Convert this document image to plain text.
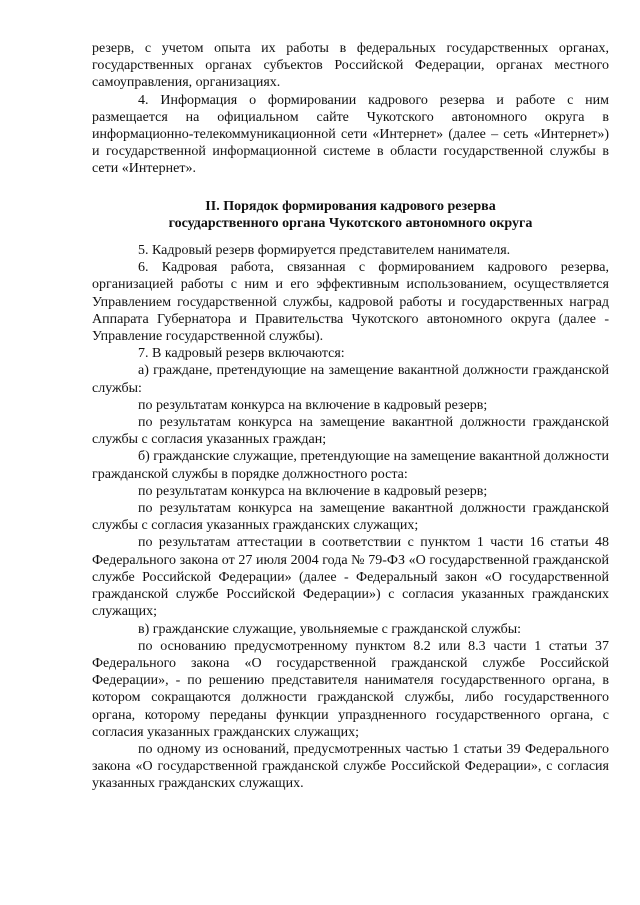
резерв, с учетом опыта их работы в федеральных государственных органах, государственных органах субъектов Российской Федерации, органах местного самоуправления, организациях.

4. Информация о формировании кадрового резерва и работе с ним размещается на официальном сайте Чукотского автономного округа в информационно-телекоммуникационной сети «Интернет» (далее – сеть «Интернет») и государственной информационной системе в области государственной службы в сети «Интернет».

II. Порядок формирования кадрового резерва
государственного органа Чукотского автономного округа

5. Кадровый резерв формируется представителем нанимателя.

6. Кадровая работа, связанная с формированием кадрового резерва, организацией работы с ним и его эффективным использованием, осуществляется Управлением государственной службы, кадровой работы и государственных наград Аппарата Губернатора и Правительства Чукотского автономного округа (далее - Управление государственной службы).

7. В кадровый резерв включаются:

а) граждане, претендующие на замещение вакантной должности гражданской службы:

по результатам конкурса на включение в кадровый резерв;

по результатам конкурса на замещение вакантной должности гражданской службы с согласия указанных граждан;

б) гражданские служащие, претендующие на замещение вакантной должности гражданской службы в порядке должностного роста:

по результатам конкурса на включение в кадровый резерв;

по результатам конкурса на замещение вакантной должности гражданской службы с согласия указанных гражданских служащих;

по результатам аттестации в соответствии с пунктом 1 части 16 статьи 48 Федерального закона от 27 июля 2004 года № 79-ФЗ «О государственной гражданской службе Российской Федерации» (далее - Федеральный закон «О государственной гражданской службе Российской Федерации») с согласия указанных гражданских служащих;

в) гражданские служащие, увольняемые с гражданской службы:

по основанию предусмотренному пунктом 8.2 или 8.3 части 1 статьи 37 Федерального закона «О государственной гражданской службе Российской Федерации», - по решению представителя нанимателя государственного органа, в котором сокращаются должности гражданской службы, либо государственного органа, которому переданы функции упраздненного государственного органа, с согласия указанных гражданских служащих;

по одному из оснований, предусмотренных частью 1 статьи 39 Федерального закона «О государственной гражданской службе Российской Федерации», с согласия указанных гражданских служащих.
